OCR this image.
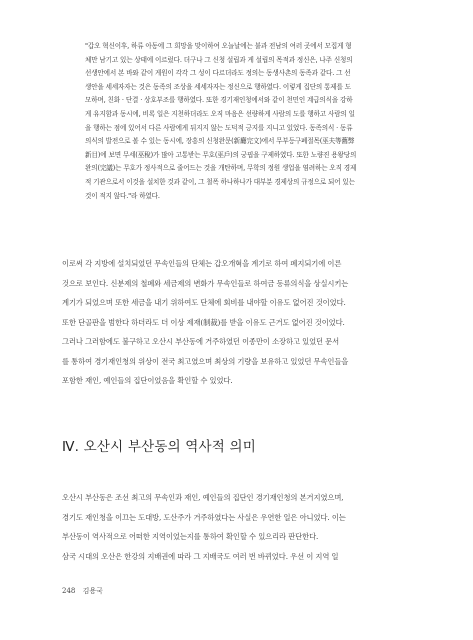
"갑오 혁신이후, 하류 아동에 그 희망을 맞이하여 오늘날에는 불과 전남의 여러 곳에서 모집게 형
체만 남기고 있는 상태에 이르렀다. 더구나 그 신청 설립과 게 설립의 목적과 정신은, 나주 신청의
선생안에서 본 바와 같이 게원이 각각 그 성이 다르더라도 정의는 동생사촌의 동족과 같다. 그 선
생안을 세세자자는 것은 동족의 조상을 세세자자는 정신으로 행하였다. 이렇게 집단의 통제를 도
모하며, 친화 · 단결 · 상호부조를 행하였다. 또한 경기재인청에서와 같이 천민인 계급의식을 강하
게 유지함과 동시에, 비록 일은 지천하더라도 오직 마음은 선량하게 사람의 도를 행하고 사람의 일
을 행하는 점에 있어서 다른 사람에게 뒤지지 않는 도덕적 긍지를 지니고 있었다. 동족의식 · 동류
의식의 발전으로 볼 수 있는 동시에, 장흥의 신청완문(新廳完文)에서 무부등구폐절목(巫夫等舊弊
新目)에 보면 무세(巫稅)가 많아 고통받는 무호(巫戶)의 궁핍을 구제하였다. 또한 노량진 용왕당의
완의(完議)는 무호가 정사적으로 줄어드는 것을 개탄하며, 무학의 정원 생업을 염려하는 오직 경제
적 기관으로서 이것을 설치한 것과 같이, 그 철폭 하나하나가 대부분 경제상의 규정으로 되어 있는
것이 적지 않다."라 하였다.
이로써 각 지방에 설치되었던 무속인들의 단체는 갑오개혁을 계기로 하여 폐지되기에 이른
것으로 보인다. 신분제의 철폐와 세금제의 변화가 무속인들로 하여금 동류의식을 상실시키는
계기가 되었으며 또한 세금을 내기 위하여도 단체에 회비를 내야할 이유도 없어진 것이었다.
또한 단골판을 범한다 하더라도 더 이상 제재(制裁)를 받을 이유도 근거도 없어진 것이었다.
그러나 그러함에도 불구하고 오산시 부산동에 거주하였던 이종만이 소장하고 있었던 문서
를 통하여 경기재인청의 위상이 전국 최고였으며 최상의 기량을 보유하고 있었던 무속인들을
포함한 재인, 예인들의 집단이었음을 확인할 수 있었다.
Ⅳ. 오산시 부산동의 역사적 의미
오산시 부산동은 조선 최고의 무속인과 재인, 예인들의 집단인 경기재인청의 본거지였으며,
경기도 재인청을 이끄는 도대방, 도산주가 거주하였다는 사실은 우연한 일은 아니었다. 이는
부산동이 역사적으로 어떠한 지역이었는지를 통하여 확인할 수 있으리라 판단한다.
삼국 시대의 오산은 한강의 지배권에 따라 그 지배국도 여러 번 바뀌었다. 우선 이 지역 일
248 김용국
